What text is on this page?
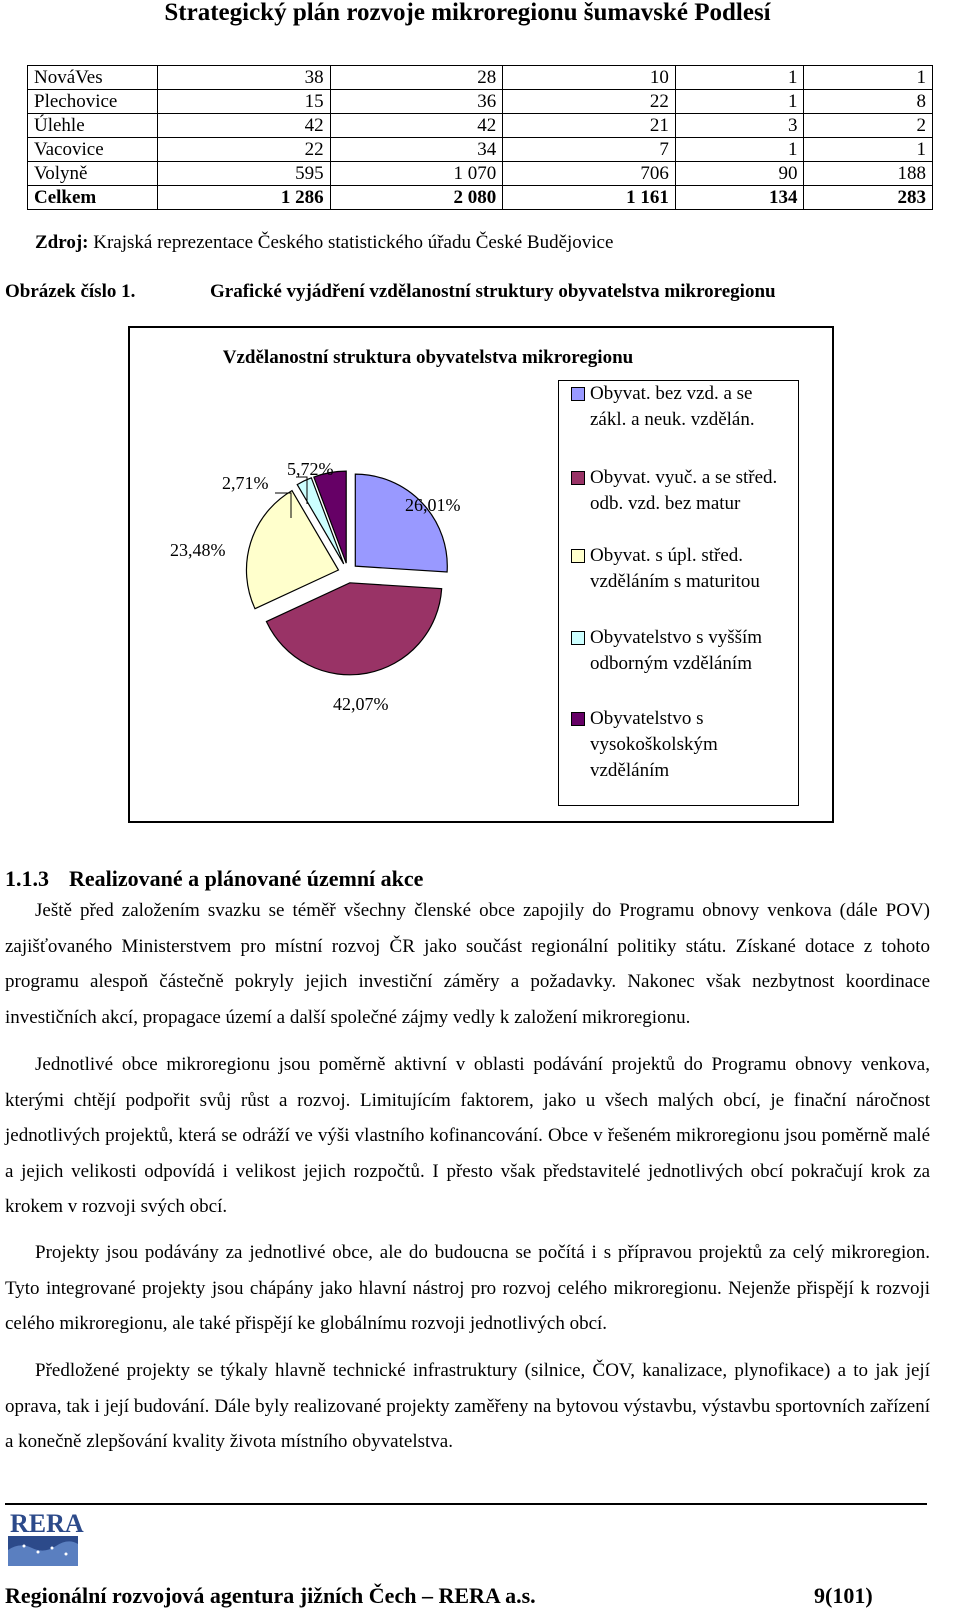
Strategický plán rozvoje mikroregionu šumavské Podlesí
NováVes	38	28	10	1	1
Plechovice	15	36	22	1	8
Úlehle	42	42	21	3	2
Vacovice	22	34	7	1	1
Volyně	595	1 070	706	90	188
Celkem	1 286	2 080	1 161	134	283
Zdroj: Krajská reprezentace Českého statistického úřadu České Budějovice
Obrázek číslo 1.	Grafické vyjádření vzdělanostní struktury obyvatelstva mikroregionu
Vzdělanostní struktura obyvatelstva mikroregionu
26,01%
42,07%
23,48%
2,71%
5,72%
Obyvat. bez vzd. a se zákl. a neuk. vzdělán.
Obyvat. vyuč. a se střed. odb. vzd. bez matur
Obyvat. s úpl. střed. vzděláním s maturitou
Obyvatelstvo s vyšším odborným vzděláním
Obyvatelstvo s vysokoškolským vzděláním
1.1.3 Realizované a plánované územní akce
Ještě před založením svazku se téměř všechny členské obce zapojily do Programu obnovy venkova (dále POV) zajišťovaného Ministerstvem pro místní rozvoj ČR jako součást regionální politiky státu. Získané dotace z tohoto programu alespoň částečně pokryly jejich investiční záměry a požadavky. Nakonec však nezbytnost koordinace investičních akcí, propagace území a další společné zájmy vedly k založení mikroregionu.
Jednotlivé obce mikroregionu jsou poměrně aktivní v oblasti podávání projektů do Programu obnovy venkova, kterými chtějí podpořit svůj růst a rozvoj. Limitujícím faktorem, jako u všech malých obcí, je finační náročnost jednotlivých projektů, která se odráží ve výši vlastního kofinancování. Obce v řešeném mikroregionu jsou poměrně malé a jejich velikosti odpovídá i velikost jejich rozpočtů. I přesto však představitelé jednotlivých obcí pokračují krok za krokem v rozvoji svých obcí.
Projekty jsou podávány za jednotlivé obce, ale do budoucna se počítá i s přípravou projektů za celý mikroregion. Tyto integrované projekty jsou chápány jako hlavní nástroj pro rozvoj celého mikroregionu. Nejenže přispějí k rozvoji celého mikroregionu, ale také přispějí ke globálnímu rozvoji jednotlivých obcí.
Předložené projekty se týkaly hlavně technické infrastruktury (silnice, ČOV, kanalizace, plynofikace) a to jak její oprava, tak i její budování. Dále byly realizované projekty zaměřeny na bytovou výstavbu, výstavbu sportovních zařízení a konečně zlepšování kvality života místního obyvatelstva.
RERA
Regionální rozvojová agentura jižních Čech – RERA a.s.	9(101)
